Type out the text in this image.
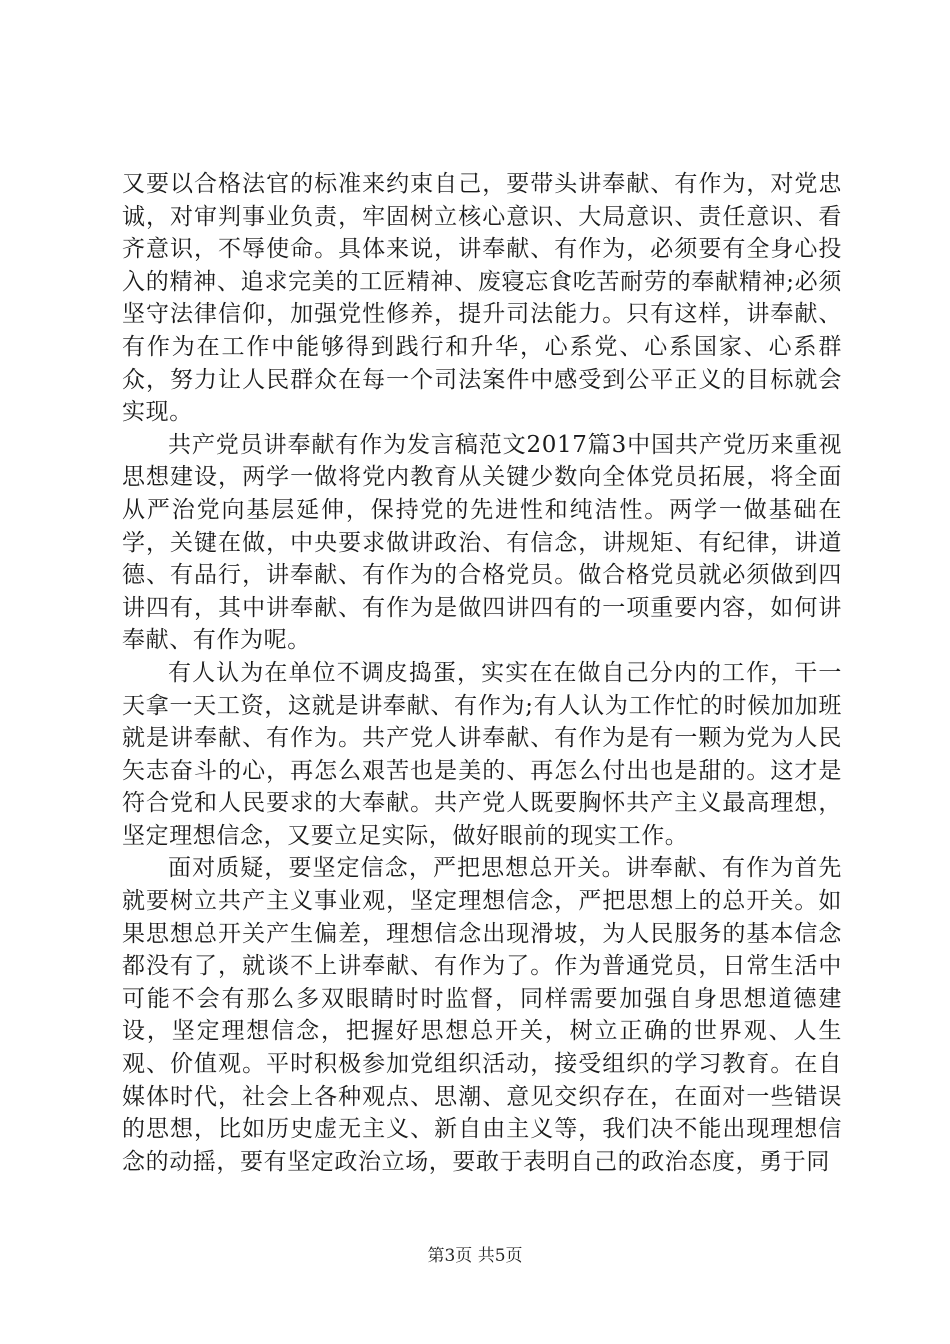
又要以合格法官的标准来约束自己，要带头讲奉献、有作为，对党忠诚，对审判事业负责，牢固树立核心意识、大局意识、责任意识、看齐意识，不辱使命。具体来说，讲奉献、有作为，必须要有全身心投入的精神、追求完美的工匠精神、废寝忘食吃苦耐劳的奉献精神;必须坚守法律信仰，加强党性修养，提升司法能力。只有这样，讲奉献、有作为在工作中能够得到践行和升华，心系党、心系国家、心系群众，努力让人民群众在每一个司法案件中感受到公平正义的目标就会实现。

共产党员讲奉献有作为发言稿范文2017篇3中国共产党历来重视思想建设，两学一做将党内教育从关键少数向全体党员拓展，将全面从严治党向基层延伸，保持党的先进性和纯洁性。两学一做基础在学，关键在做，中央要求做讲政治、有信念，讲规矩、有纪律，讲道德、有品行，讲奉献、有作为的合格党员。做合格党员就必须做到四讲四有，其中讲奉献、有作为是做四讲四有的一项重要内容，如何讲奉献、有作为呢。

有人认为在单位不调皮捣蛋，实实在在做自己分内的工作，干一天拿一天工资，这就是讲奉献、有作为;有人认为工作忙的时候加加班就是讲奉献、有作为。共产党人讲奉献、有作为是有一颗为党为人民矢志奋斗的心，再怎么艰苦也是美的、再怎么付出也是甜的。这才是符合党和人民要求的大奉献。共产党人既要胸怀共产主义最高理想，坚定理想信念，又要立足实际，做好眼前的现实工作。

面对质疑，要坚定信念，严把思想总开关。讲奉献、有作为首先就要树立共产主义事业观，坚定理想信念，严把思想上的总开关。如果思想总开关产生偏差，理想信念出现滑坡，为人民服务的基本信念都没有了，就谈不上讲奉献、有作为了。作为普通党员，日常生活中可能不会有那么多双眼睛时时监督，同样需要加强自身思想道德建设，坚定理想信念，把握好思想总开关，树立正确的世界观、人生观、价值观。平时积极参加党组织活动，接受组织的学习教育。在自媒体时代，社会上各种观点、思潮、意见交织存在，在面对一些错误的思想，比如历史虚无主义、新自由主义等，我们决不能出现理想信念的动摇，要有坚定政治立场，要敢于表明自己的政治态度，勇于同

第3页 共5页
